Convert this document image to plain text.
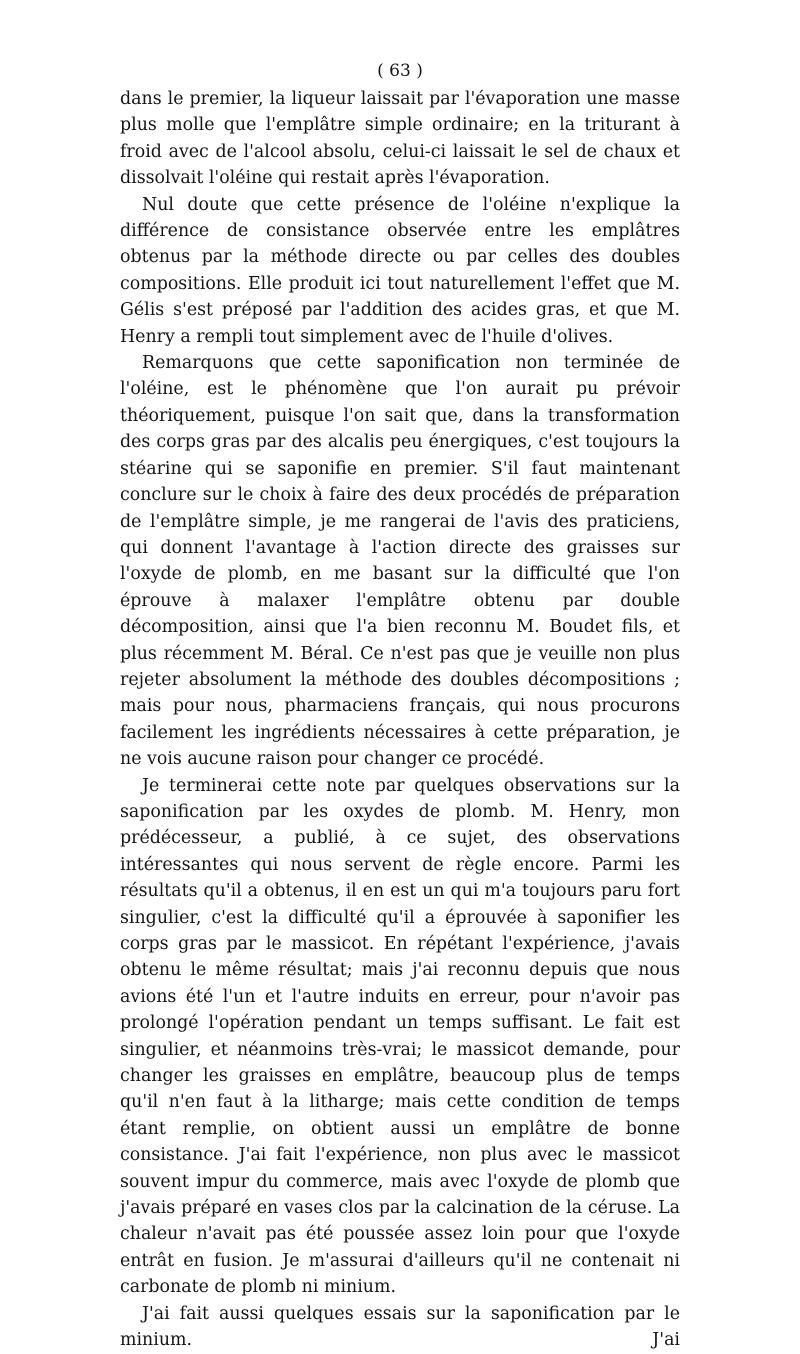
( 63 )

dans le premier, la liqueur laissait par l'évaporation une masse plus molle que l'emplâtre simple ordinaire; en la triturant à froid avec de l'alcool absolu, celui-ci laissait le sel de chaux et dissolvait l'oléine qui restait après l'évaporation.

Nul doute que cette présence de l'oléine n'explique la différence de consistance observée entre les emplâtres obtenus par la méthode directe ou par celles des doubles compositions. Elle produit ici tout naturellement l'effet que M. Gélis s'est préposé par l'addition des acides gras, et que M. Henry a rempli tout simplement avec de l'huile d'olives.

Remarquons que cette saponification non terminée de l'oléine, est le phénomène que l'on aurait pu prévoir théoriquement, puisque l'on sait que, dans la transformation des corps gras par des alcalis peu énergiques, c'est toujours la stéarine qui se saponifie en premier. S'il faut maintenant conclure sur le choix à faire des deux procédés de préparation de l'emplâtre simple, je me rangerai de l'avis des praticiens, qui donnent l'avantage à l'action directe des graisses sur l'oxyde de plomb, en me basant sur la difficulté que l'on éprouve à malaxer l'emplâtre obtenu par double décomposition, ainsi que l'a bien reconnu M. Boudet fils, et plus récemment M. Béral. Ce n'est pas que je veuille non plus rejeter absolument la méthode des doubles décompositions ; mais pour nous, pharmaciens français, qui nous procurons facilement les ingrédients nécessaires à cette préparation, je ne vois aucune raison pour changer ce procédé.

Je terminerai cette note par quelques observations sur la saponification par les oxydes de plomb. M. Henry, mon prédécesseur, a publié, à ce sujet, des observations intéressantes qui nous servent de règle encore. Parmi les résultats qu'il a obtenus, il en est un qui m'a toujours paru fort singulier, c'est la difficulté qu'il a éprouvée à saponifier les corps gras par le massicot. En répétant l'expérience, j'avais obtenu le même résultat; mais j'ai reconnu depuis que nous avions été l'un et l'autre induits en erreur, pour n'avoir pas prolongé l'opération pendant un temps suffisant. Le fait est singulier, et néanmoins très-vrai; le massicot demande, pour changer les graisses en emplâtre, beaucoup plus de temps qu'il n'en faut à la litharge; mais cette condition de temps étant remplie, on obtient aussi un emplâtre de bonne consistance. J'ai fait l'expérience, non plus avec le massicot souvent impur du commerce, mais avec l'oxyde de plomb que j'avais préparé en vases clos par la calcination de la céruse. La chaleur n'avait pas été poussée assez loin pour que l'oxyde entrât en fusion. Je m'assurai d'ailleurs qu'il ne contenait ni carbonate de plomb ni minium.

J'ai fait aussi quelques essais sur la saponification par le minium. J'ai
